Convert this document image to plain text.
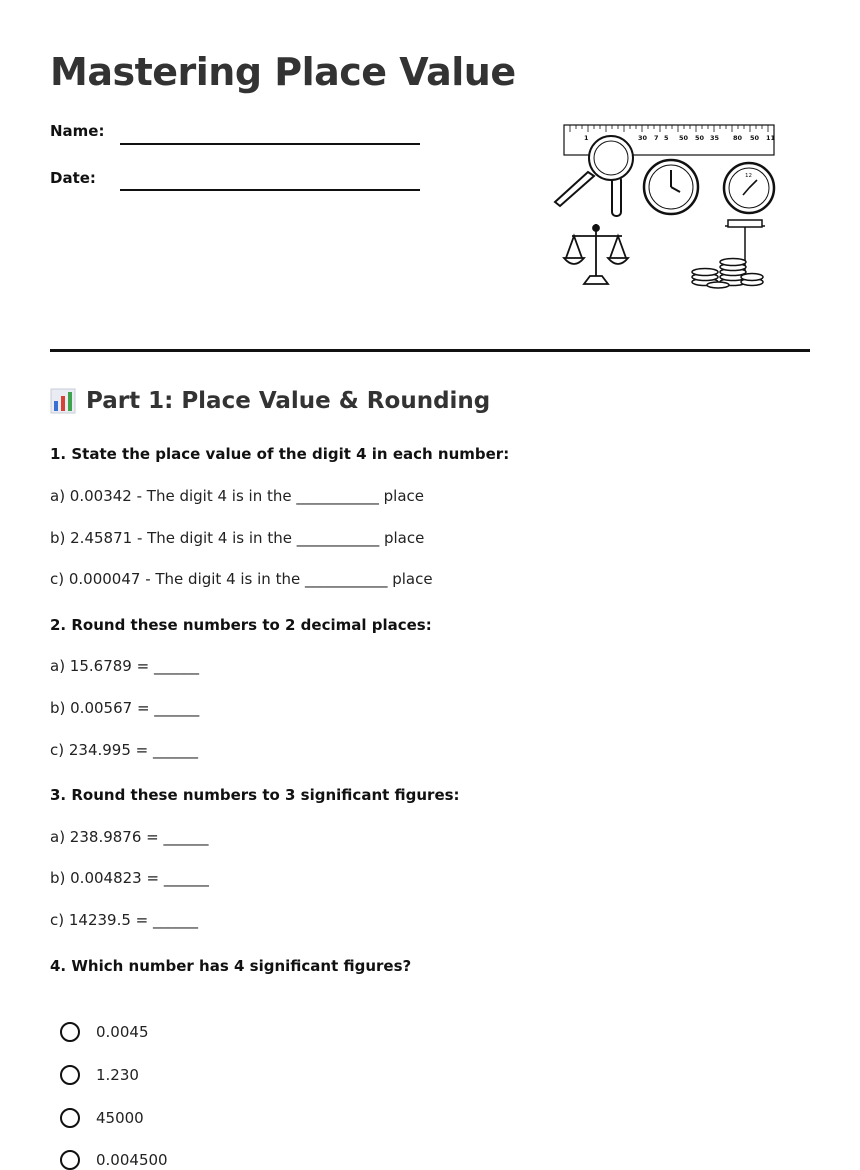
Mastering Place Value
Name:
Date:
1	30 7 5 50 50 35 80 50 11
12
Part 1: Place Value & Rounding
1. State the place value of the digit 4 in each number:
a) 0.00342 - The digit 4 is in the ___________ place
b) 2.45871 - The digit 4 is in the ___________ place
c) 0.000047 - The digit 4 is in the ___________ place
2. Round these numbers to 2 decimal places:
a) 15.6789 = ______
b) 0.00567 = ______
c) 234.995 = ______
3. Round these numbers to 3 significant figures:
a) 238.9876 = ______
b) 0.004823 = ______
c) 14239.5 = ______
4. Which number has 4 significant figures?
0.0045
1.230
45000
0.004500
